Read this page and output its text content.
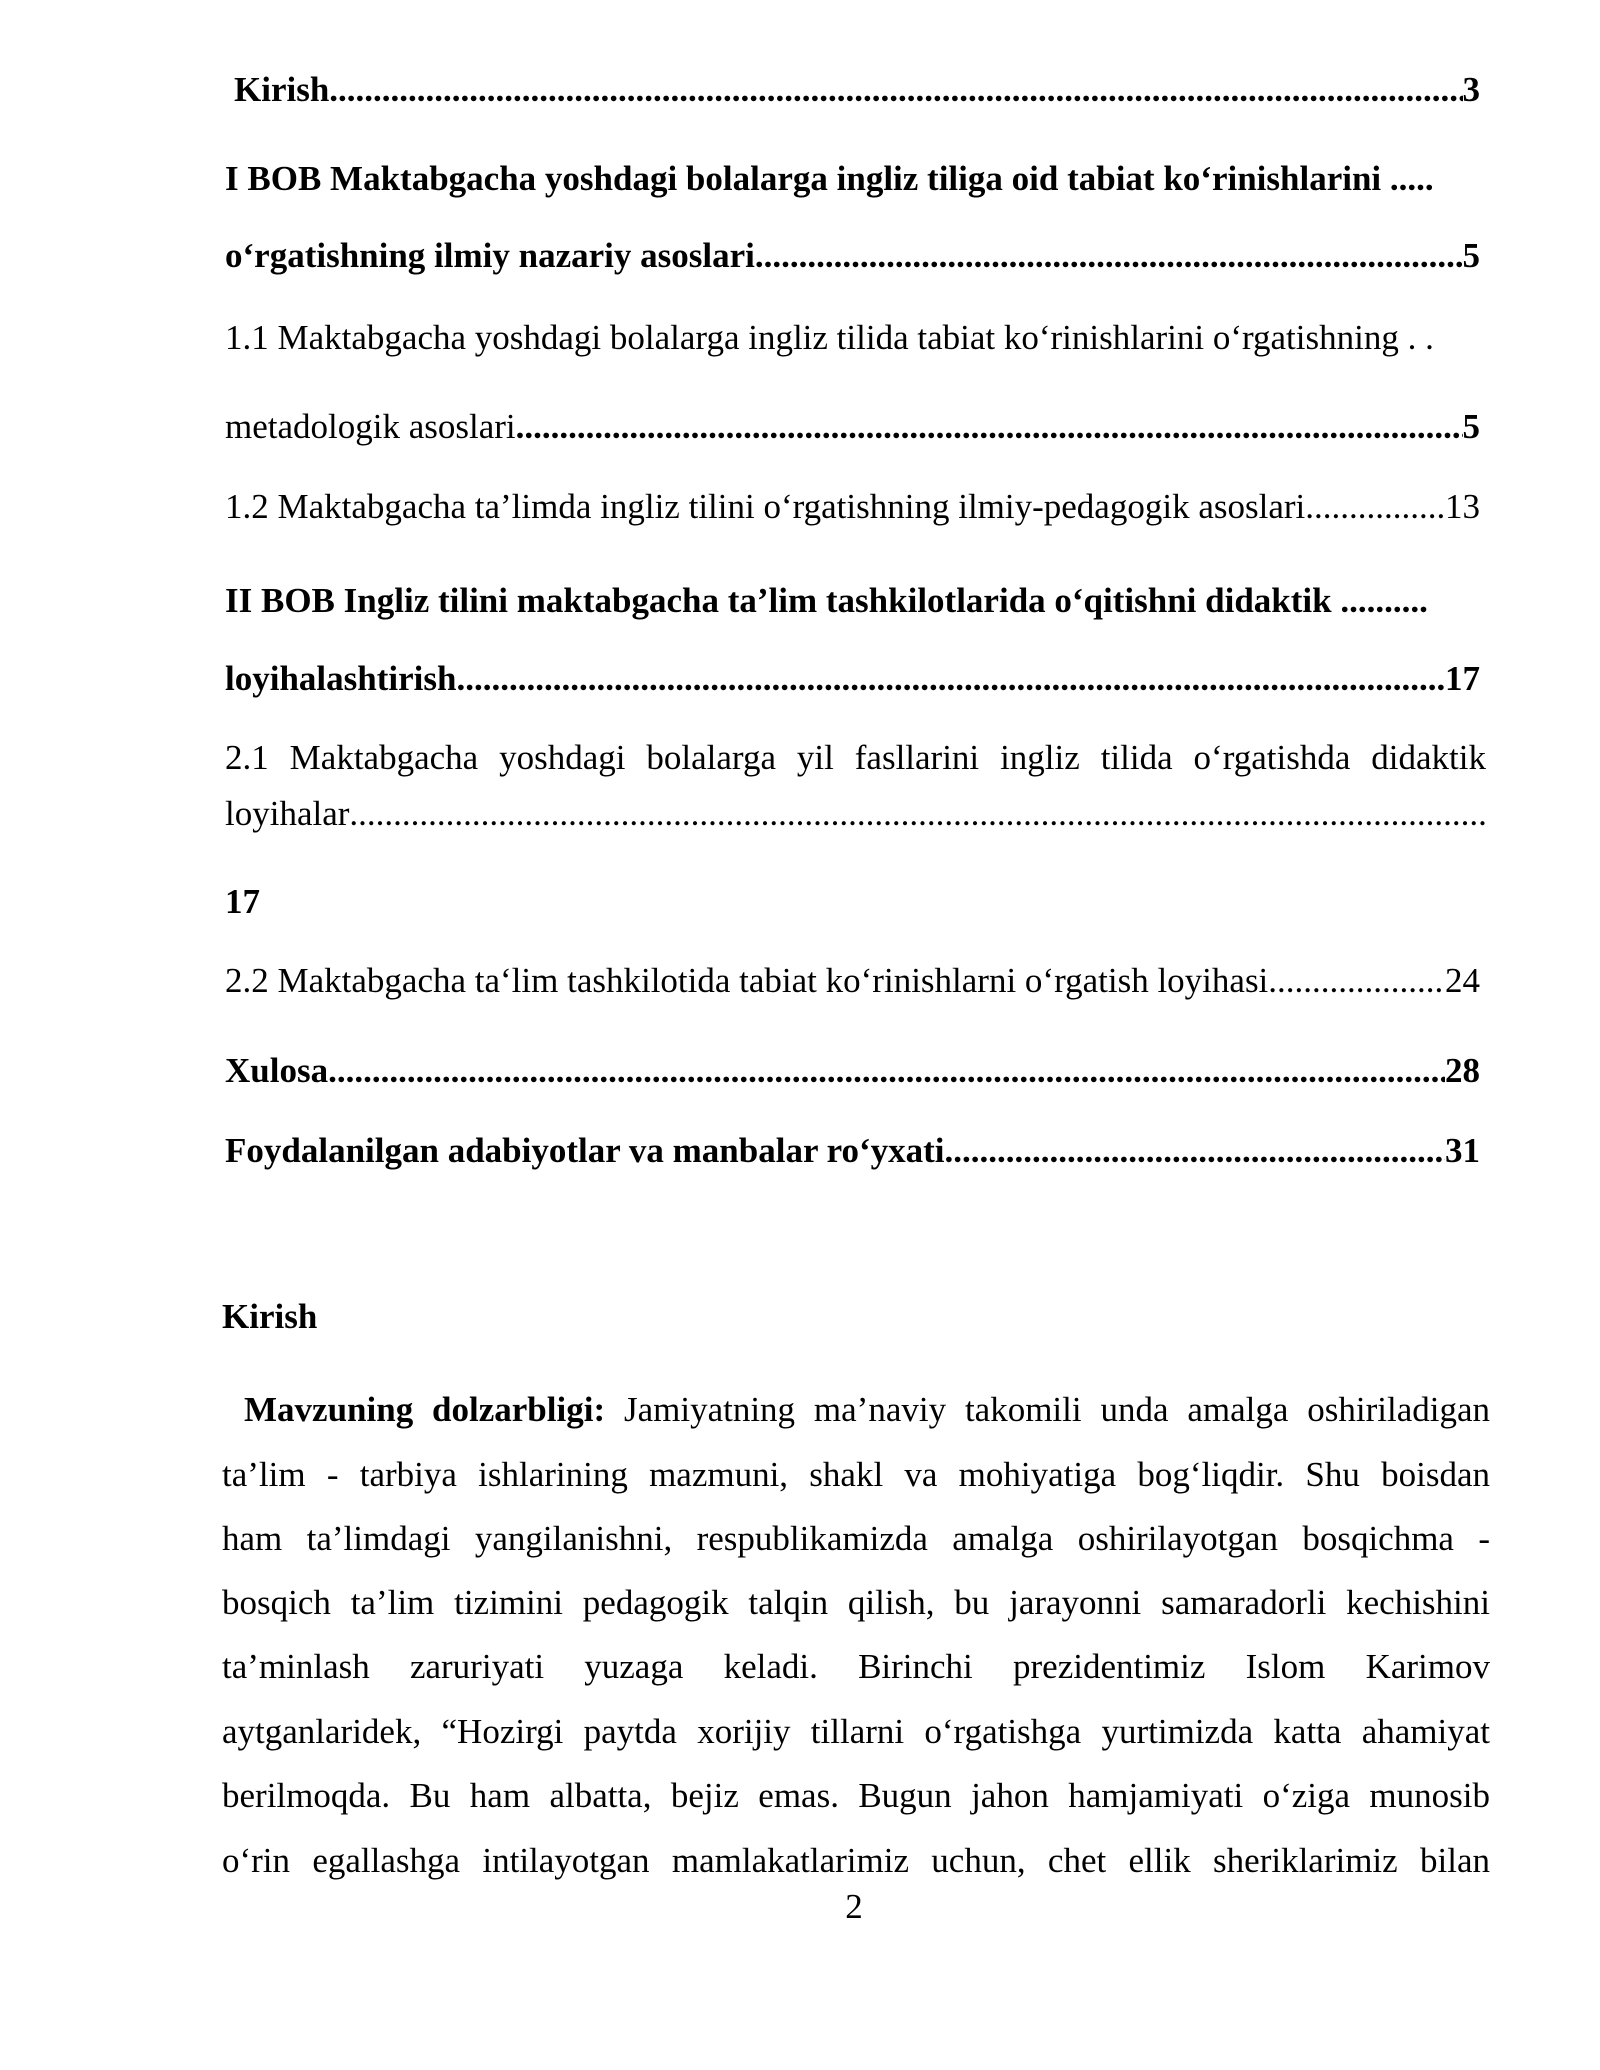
Kirish .....	3
I BOB Maktabgacha yoshdagi bolalarga ingliz tiliga oid tabiat ko‘rinishlarini .....
o‘rgatishning ilmiy nazariy asoslari .....	5
1.1 Maktabgacha yoshdagi bolalarga ingliz tilida tabiat ko‘rinishlarini o‘rgatishning . .
metadologik asoslari .....	5
1.2 Maktabgacha ta’limda ingliz tilini o‘rgatishning ilmiy-pedagogik asoslari .....	13
II BOB Ingliz tilini maktabgacha ta’lim tashkilotlarida o‘qitishni didaktik ..........
loyihalashtirish .....	17
2.1 Maktabgacha yoshdagi bolalarga yil fasllarini ingliz tilida o‘rgatishda didaktik
loyihalar
.....
17
2.2 Maktabgacha ta‘lim tashkilotida tabiat ko‘rinishlarni o‘rgatish loyihasi .....	24
Xulosa .....	28
Foydalanilgan adabiyotlar va manbalar ro‘yxati .....	31
Kirish
Mavzuning dolzarbligi: Jamiyatning ma’naviy takomili unda amalga oshiriladigan
ta’lim - tarbiya ishlarining mazmuni, shakl va mohiyatiga bog‘liqdir. Shu boisdan
ham ta’limdagi yangilanishni, respublikamizda amalga oshirilayotgan bosqichma -
bosqich ta’lim tizimini pedagogik talqin qilish, bu jarayonni samaradorli kechishini
ta’minlash zaruriyati yuzaga keladi. Birinchi prezidentimiz Islom Karimov
aytganlaridek, “Hozirgi paytda xorijiy tillarni o‘rgatishga yurtimizda katta ahamiyat
berilmoqda. Bu ham albatta, bejiz emas. Bugun jahon hamjamiyati o‘ziga munosib
o‘rin egallashga intilayotgan mamlakatlarimiz uchun, chet ellik sheriklarimiz bilan
2
